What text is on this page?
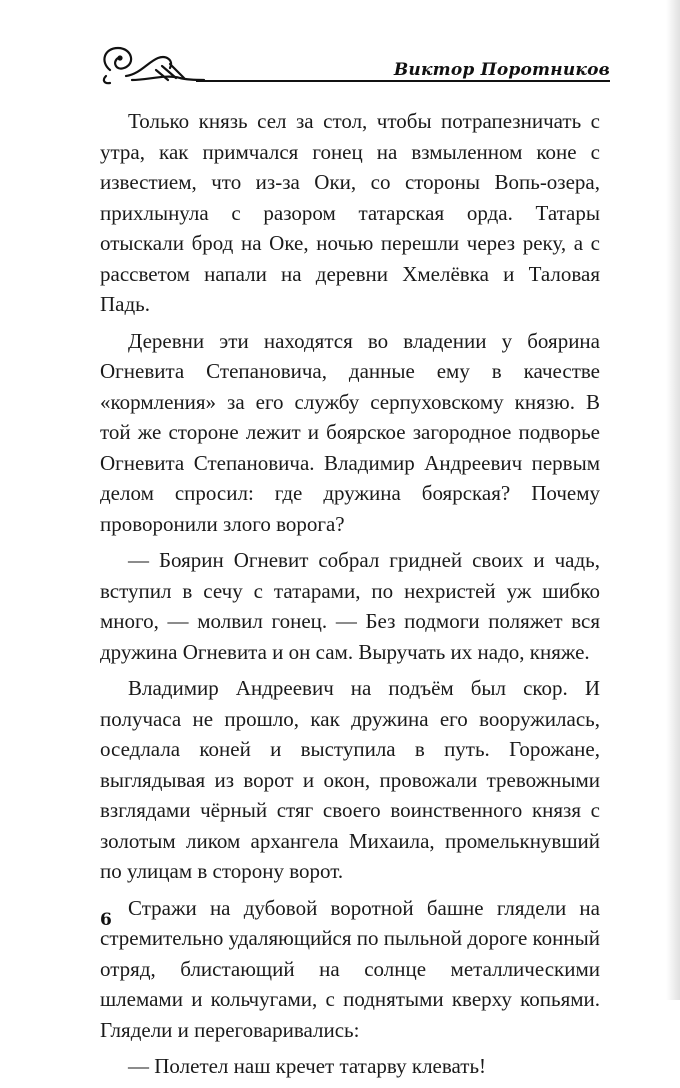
Виктор Поротников

Только князь сел за стол, чтобы потрапезничать с утра, как примчался гонец на взмыленном коне с известием, что из-за Оки, со стороны Вопь-озера, прихлынула с разором татарская орда. Татары отыскали брод на Оке, ночью перешли через реку, а с рассветом напали на деревни Хмелёвка и Таловая Падь.

Деревни эти находятся во владении у боярина Огневита Степановича, данные ему в качестве «кормления» за его службу серпуховскому князю. В той же стороне лежит и боярское загородное подворье Огневита Степановича. Владимир Андреевич первым делом спросил: где дружина боярская? Почему проворонили злого ворога?

— Боярин Огневит собрал гридней своих и чадь, вступил в сечу с татарами, по нехристей уж шибко много, — молвил гонец. — Без подмоги поляжет вся дружина Огневита и он сам. Выручать их надо, княже.

Владимир Андреевич на подъём был скор. И получаса не прошло, как дружина его вооружилась, оседлала коней и выступила в путь. Горожане, выглядывая из ворот и окон, провожали тревожными взглядами чёрный стяг своего воинственного князя с золотым ликом архангела Михаила, промелькнувший по улицам в сторону ворот.

Стражи на дубовой воротной башне глядели на стремительно удаляющийся по пыльной дороге конный отряд, блистающий на солнце металлическими шлемами и кольчугами, с поднятыми кверху копьями. Глядели и переговаривались:

— Полетел наш кречет татарву клевать!

6
